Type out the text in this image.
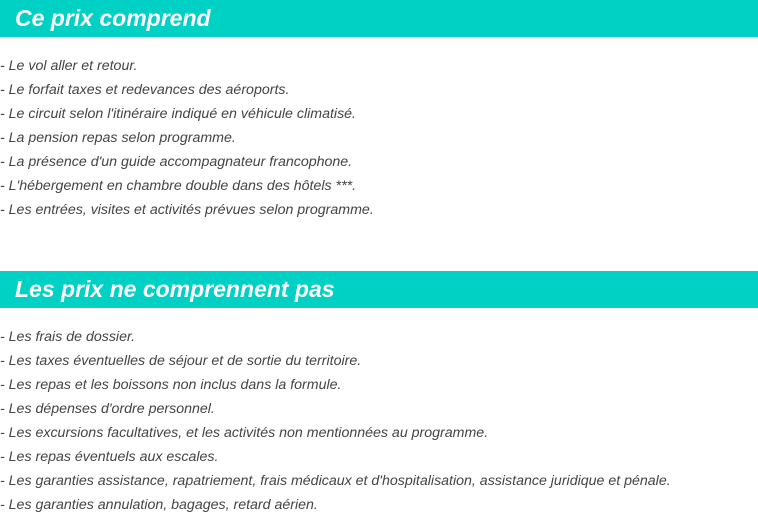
Ce prix comprend
- Le vol aller et retour.
- Le forfait taxes et redevances des aéroports.
- Le circuit selon l'itinéraire indiqué en véhicule climatisé.
- La pension repas selon programme.
- La présence d'un guide accompagnateur francophone.
- L'hébergement en chambre double dans des hôtels ***.
- Les entrées, visites et activités prévues selon programme.
Les prix ne comprennent pas
- Les frais de dossier.
- Les taxes éventuelles de séjour et de sortie du territoire.
- Les repas et les boissons non inclus dans la formule.
- Les dépenses d'ordre personnel.
- Les excursions facultatives, et les activités non mentionnées au programme.
- Les repas éventuels aux escales.
- Les garanties assistance, rapatriement, frais médicaux et d'hospitalisation, assistance juridique et pénale.
- Les garanties annulation, bagages, retard aérien.
